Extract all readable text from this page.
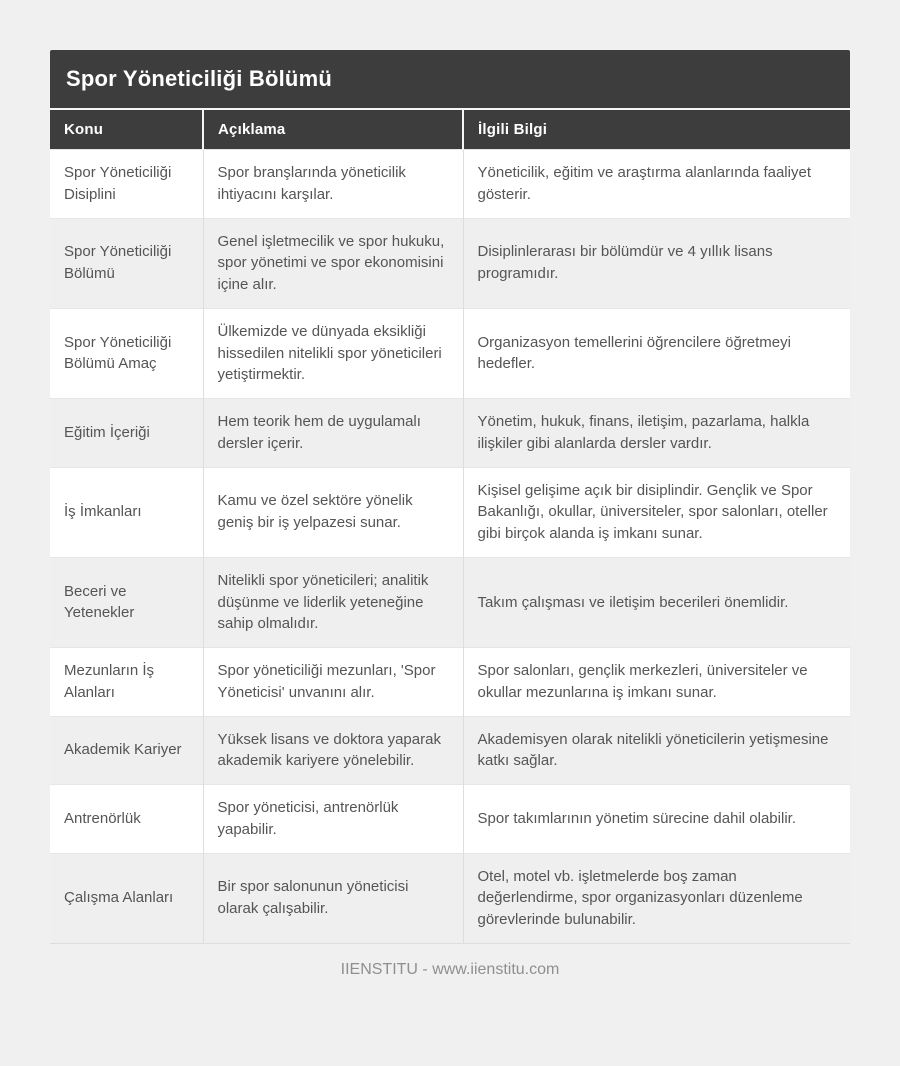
Spor Yöneticiliği Bölümü
Konu	Açıklama	İlgili Bilgi
Spor Yöneticiliği Disiplini	Spor branşlarında yöneticilik ihtiyacını karşılar.	Yöneticilik, eğitim ve araştırma alanlarında faaliyet gösterir.
Spor Yöneticiliği Bölümü	Genel işletmecilik ve spor hukuku, spor yönetimi ve spor ekonomisini içine alır.	Disiplinlerarası bir bölümdür ve 4 yıllık lisans programıdır.
Spor Yöneticiliği Bölümü Amaç	Ülkemizde ve dünyada eksikliği hissedilen nitelikli spor yöneticileri yetiştirmektir.	Organizasyon temellerini öğrencilere öğretmeyi hedefler.
Eğitim İçeriği	Hem teorik hem de uygulamalı dersler içerir.	Yönetim, hukuk, finans, iletişim, pazarlama, halkla ilişkiler gibi alanlarda dersler vardır.
İş İmkanları	Kamu ve özel sektöre yönelik geniş bir iş yelpazesi sunar.	Kişisel gelişime açık bir disiplindir. Gençlik ve Spor Bakanlığı, okullar, üniversiteler, spor salonları, oteller gibi birçok alanda iş imkanı sunar.
Beceri ve Yetenekler	Nitelikli spor yöneticileri; analitik düşünme ve liderlik yeteneğine sahip olmalıdır.	Takım çalışması ve iletişim becerileri önemlidir.
Mezunların İş Alanları	Spor yöneticiliği mezunları, 'Spor Yöneticisi' unvanını alır.	Spor salonları, gençlik merkezleri, üniversiteler ve okullar mezunlarına iş imkanı sunar.
Akademik Kariyer	Yüksek lisans ve doktora yaparak akademik kariyere yönelebilir.	Akademisyen olarak nitelikli yöneticilerin yetişmesine katkı sağlar.
Antrenörlük	Spor yöneticisi, antrenörlük yapabilir.	Spor takımlarının yönetim sürecine dahil olabilir.
Çalışma Alanları	Bir spor salonunun yöneticisi olarak çalışabilir.	Otel, motel vb. işletmelerde boş zaman değerlendirme, spor organizasyonları düzenleme görevlerinde bulunabilir.
IIENSTITU - www.iienstitu.com
